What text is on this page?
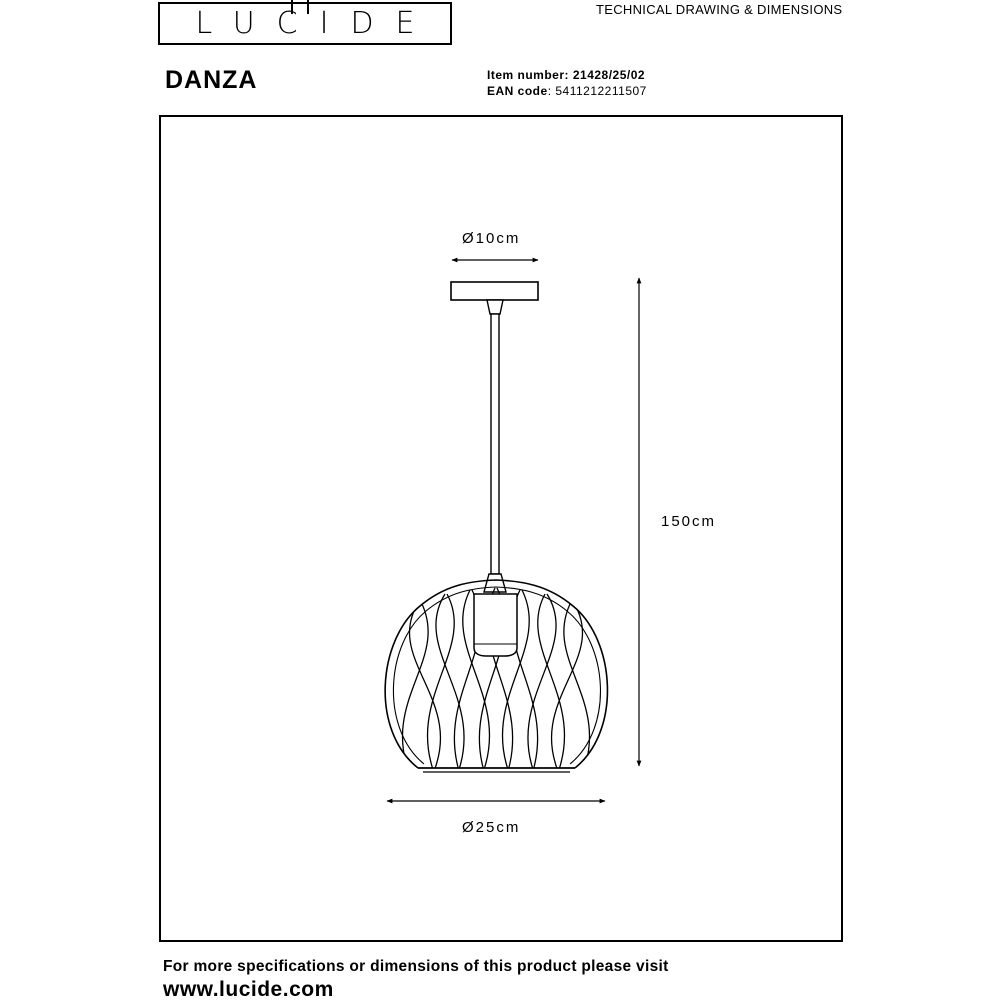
LUCIDE	TECHNICAL DRAWING & DIMENSIONS
DANZA	Item number: 21428/25/02
EAN code: 5411212211507
Ø10cm
150cm
Ø25cm
For more specifications or dimensions of this product please visit
www.lucide.com
